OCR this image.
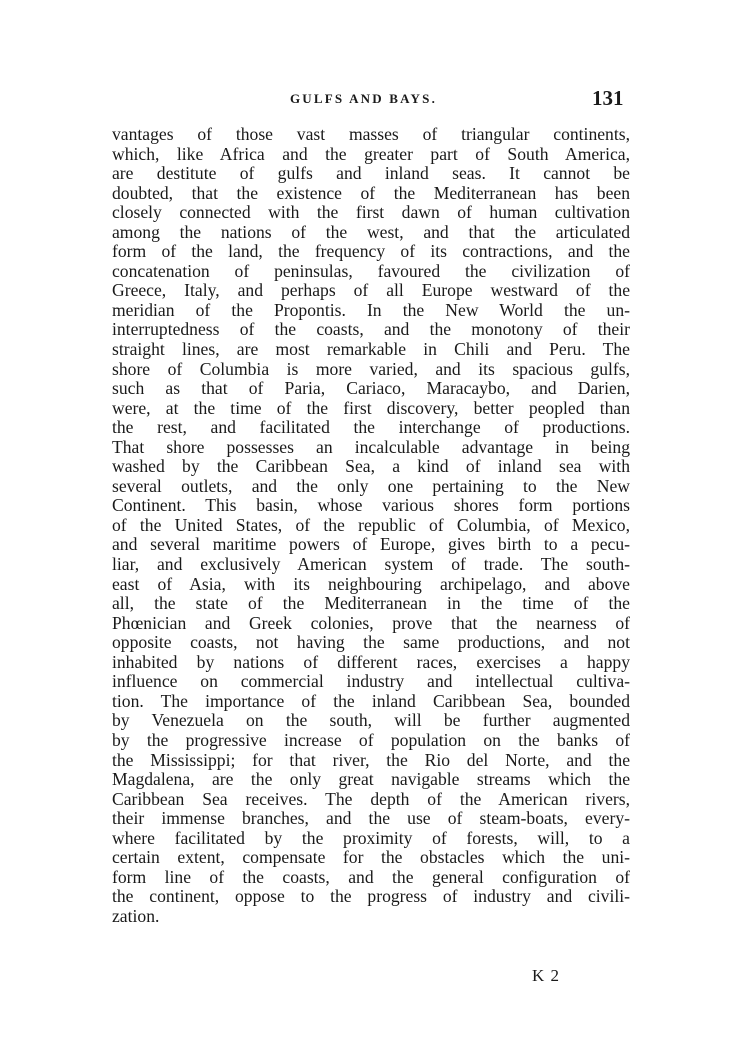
GULFS AND BAYS.	131
vantages of those vast masses of triangular continents,
which, like Africa and the greater part of South America,
are destitute of gulfs and inland seas. It cannot be
doubted, that the existence of the Mediterranean has been
closely connected with the first dawn of human cultivation
among the nations of the west, and that the articulated
form of the land, the frequency of its contractions, and the
concatenation of peninsulas, favoured the civilization of
Greece, Italy, and perhaps of all Europe westward of the
meridian of the Propontis. In the New World the un-
interruptedness of the coasts, and the monotony of their
straight lines, are most remarkable in Chili and Peru. The
shore of Columbia is more varied, and its spacious gulfs,
such as that of Paria, Cariaco, Maracaybo, and Darien,
were, at the time of the first discovery, better peopled than
the rest, and facilitated the interchange of productions.
That shore possesses an incalculable advantage in being
washed by the Caribbean Sea, a kind of inland sea with
several outlets, and the only one pertaining to the New
Continent. This basin, whose various shores form portions
of the United States, of the republic of Columbia, of Mexico,
and several maritime powers of Europe, gives birth to a pecu-
liar, and exclusively American system of trade. The south-
east of Asia, with its neighbouring archipelago, and above
all, the state of the Mediterranean in the time of the
Phœnician and Greek colonies, prove that the nearness of
opposite coasts, not having the same productions, and not
inhabited by nations of different races, exercises a happy
influence on commercial industry and intellectual cultiva-
tion. The importance of the inland Caribbean Sea, bounded
by Venezuela on the south, will be further augmented
by the progressive increase of population on the banks of
the Mississippi; for that river, the Rio del Norte, and the
Magdalena, are the only great navigable streams which the
Caribbean Sea receives. The depth of the American rivers,
their immense branches, and the use of steam-boats, every-
where facilitated by the proximity of forests, will, to a
certain extent, compensate for the obstacles which the uni-
form line of the coasts, and the general configuration of
the continent, oppose to the progress of industry and civili-
zation.
K 2
